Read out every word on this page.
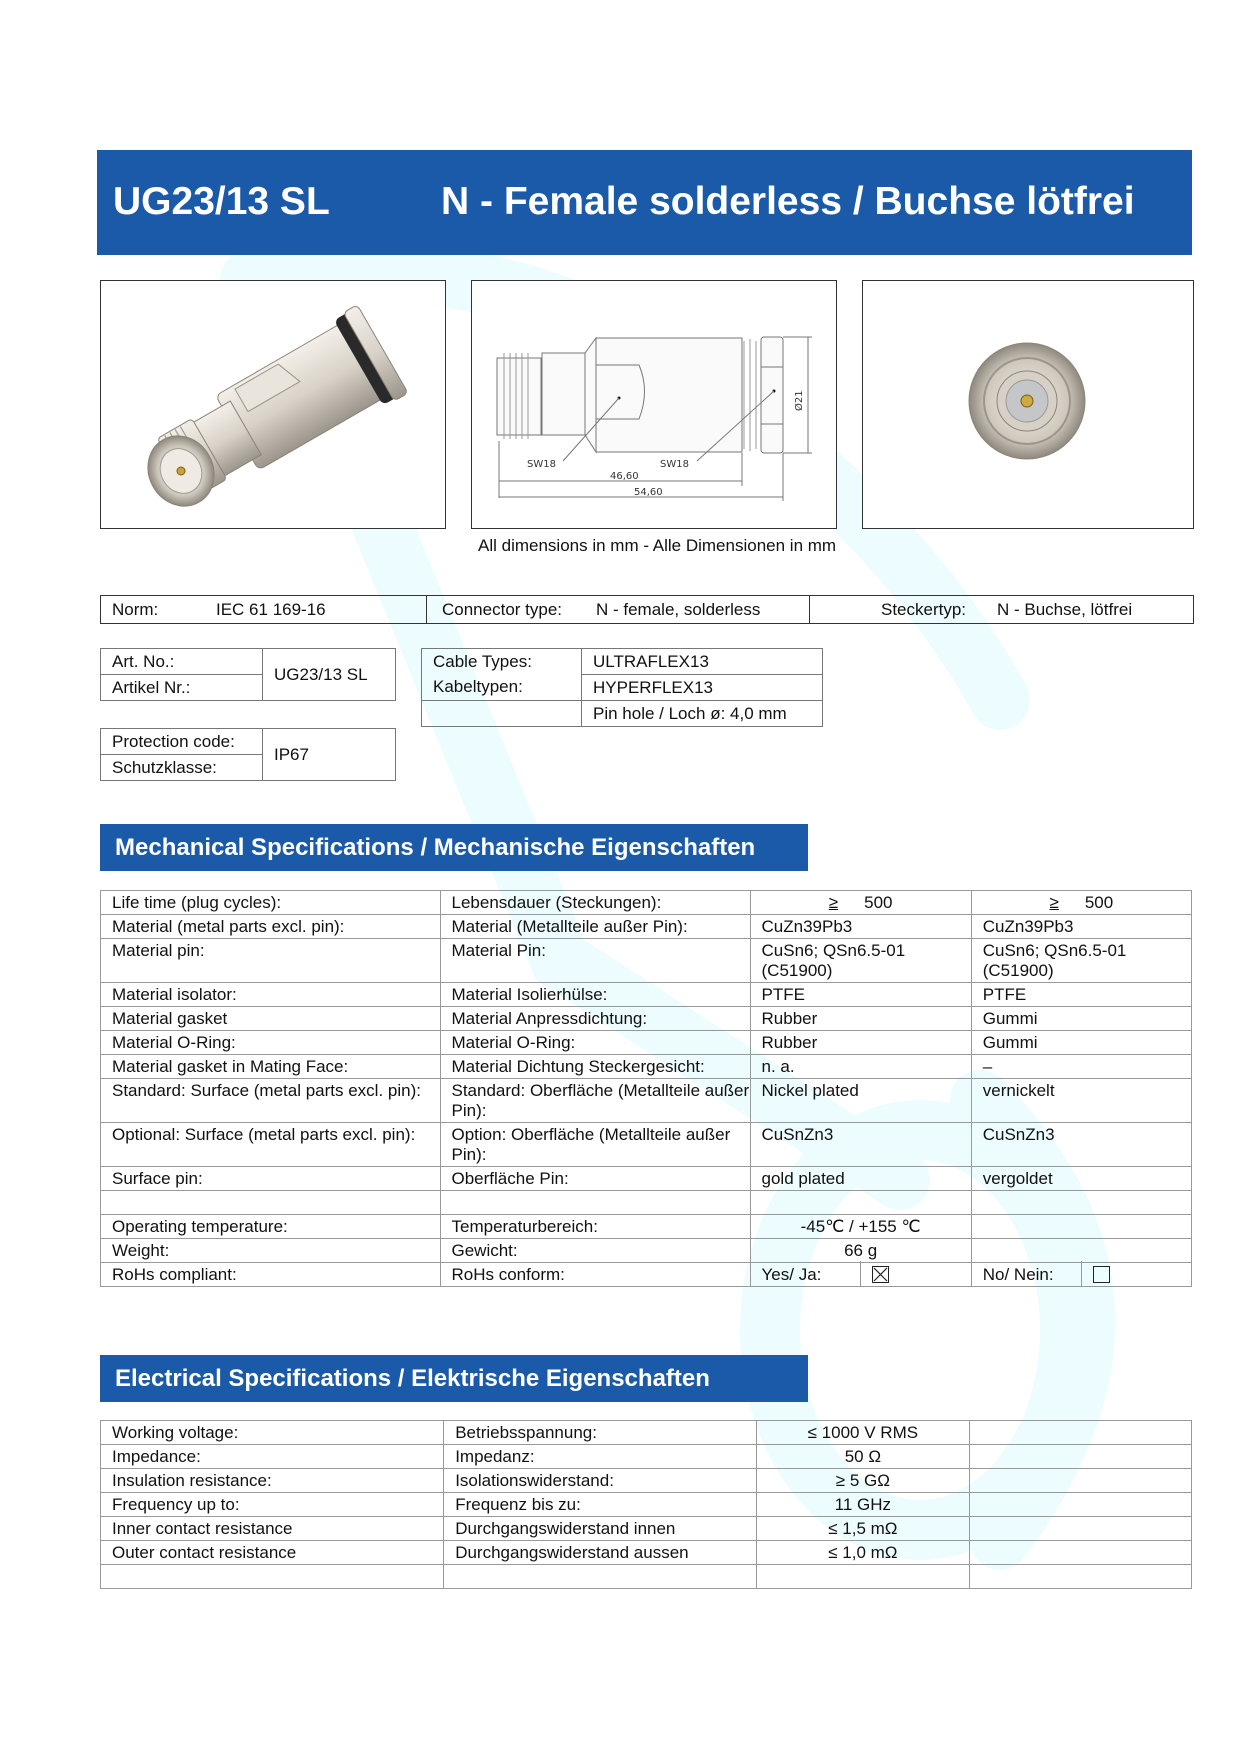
UG23/13 SL	N - Female solderless / Buchse lötfrei
SW18	SW18
46,60
54,60
Ø21
All dimensions in mm - Alle Dimensionen in mm
Norm:	IEC 61 169-16	Connector type: N - female, solderless	Steckertyp: N - Buchse, lötfrei
Art. No.:	UG23/13 SL
Artikel Nr.:
Protection code:	IP67
Schutzklasse:
Cable Types:	ULTRAFLEX13
Kabeltypen:	HYPERFLEX13
	Pin hole / Loch ø: 4,0 mm
Mechanical Specifications / Mechanische Eigenschaften
Life time (plug cycles):	Lebensdauer (Steckungen):	≥ 500	≥ 500
Material (metal parts excl. pin):	Material (Metallteile außer Pin):	CuZn39Pb3	CuZn39Pb3
Material pin:	Material Pin:	CuSn6; QSn6.5-01 (C51900)	CuSn6; QSn6.5-01 (C51900)
Material isolator:	Material Isolierhülse:	PTFE	PTFE
Material gasket	Material Anpressdichtung:	Rubber	Gummi
Material O-Ring:	Material O-Ring:	Rubber	Gummi
Material gasket in Mating Face:	Material Dichtung Steckergesicht:	n. a.	–
Standard: Surface (metal parts excl. pin):	Standard: Oberfläche (Metallteile außer Pin):	Nickel plated	vernickelt
Optional: Surface (metal parts excl. pin):	Option: Oberfläche (Metallteile außer Pin):	CuSnZn3	CuSnZn3
Surface pin:	Oberfläche Pin:	gold plated	vergoldet

Operating temperature:	Temperaturbereich:	-45℃ / +155 ℃	
Weight:	Gewicht:	66 g	
RoHs compliant:	RoHs conform:	Yes/ Ja:	No/ Nein:
Electrical Specifications / Elektrische Eigenschaften
Working voltage:	Betriebsspannung:	≤ 1000 V RMS	
Impedance:	Impedanz:	50 Ω	
Insulation resistance:	Isolationswiderstand:	≥ 5 GΩ	
Frequency up to:	Frequenz bis zu:	11 GHz	
Inner contact resistance	Durchgangswiderstand innen	≤ 1,5 mΩ	
Outer contact resistance	Durchgangswiderstand aussen	≤ 1,0 mΩ	
